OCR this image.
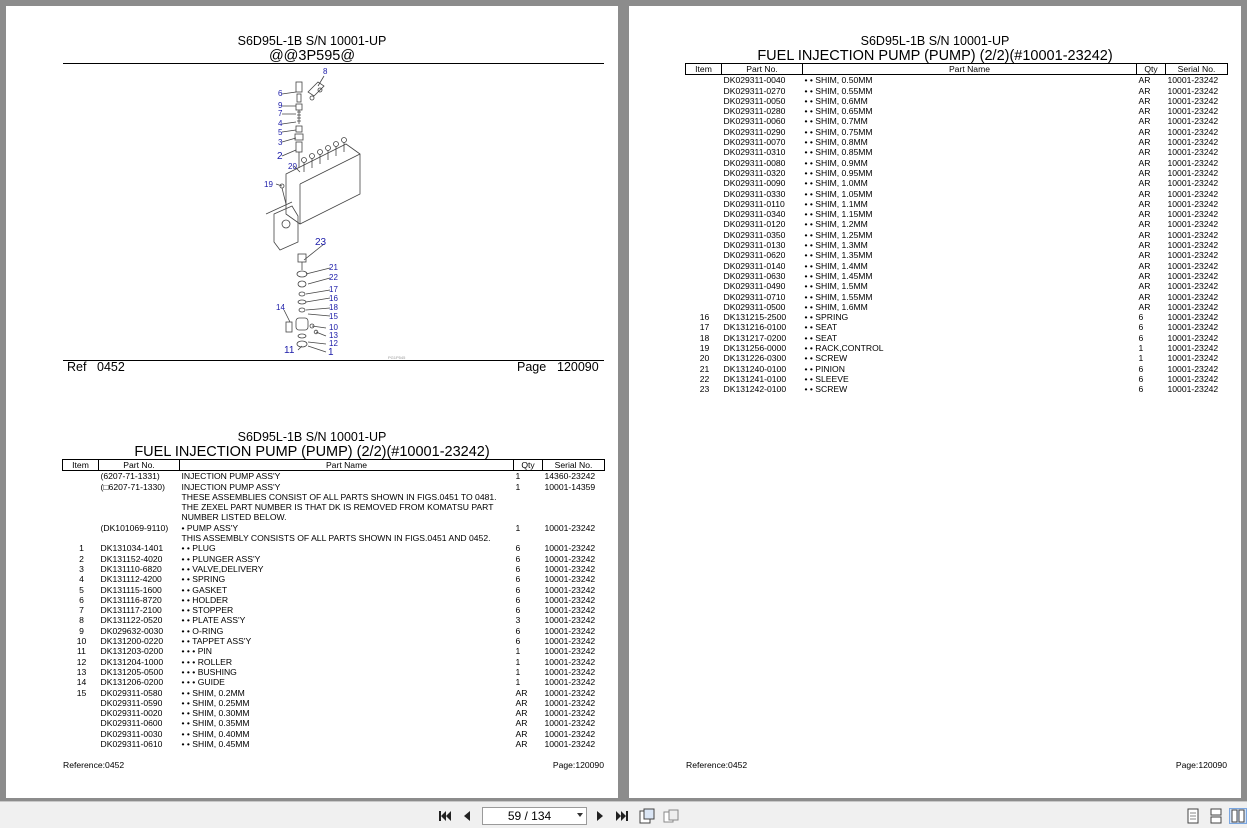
S6D95L-1B S/N 10001-UP
@@3P595@
8
6
9
7
4
5
3
2
20
19
23
21
22
17
16
18
15
14
10
13
12
11	1	PG1P545
Ref 0452	Page 120090
S6D95L-1B S/N 10001-UP
FUEL INJECTION PUMP (PUMP) (2/2)(#10001-23242)
Item	Part No.	Part Name	Qty	Serial No.
	(6207-71-1331)	INJECTION PUMP ASS'Y	1	14360-23242
	(□6207-71-1330)	INJECTION PUMP ASS'Y	1	10001-14359
		THESE ASSEMBLIES CONSIST OF ALL PARTS SHOWN IN FIGS.0451 TO 0481.		
		THE ZEXEL PART NUMBER IS THAT DK IS REMOVED FROM KOMATSU PART NUMBER LISTED BELOW.		
	(DK101069-9110)	• PUMP ASS'Y	1	10001-23242
		THIS ASSEMBLY CONSISTS OF ALL PARTS SHOWN IN FIGS.0451 AND 0452.		
1	DK131034-1401	• • PLUG	6	10001-23242
2	DK131152-4020	• • PLUNGER ASS'Y	6	10001-23242
3	DK131110-6820	• • VALVE,DELIVERY	6	10001-23242
4	DK131112-4200	• • SPRING	6	10001-23242
5	DK131115-1600	• • GASKET	6	10001-23242
6	DK131116-8720	• • HOLDER	6	10001-23242
7	DK131117-2100	• • STOPPER	6	10001-23242
8	DK131122-0520	• • PLATE ASS'Y	3	10001-23242
9	DK029632-0030	• • O-RING	6	10001-23242
10	DK131200-0220	• • TAPPET ASS'Y	6	10001-23242
11	DK131203-0200	• • • PIN	1	10001-23242
12	DK131204-1000	• • • ROLLER	1	10001-23242
13	DK131205-0500	• • • BUSHING	1	10001-23242
14	DK131206-0200	• • • GUIDE	1	10001-23242
15	DK029311-0580	• • SHIM, 0.2MM	AR	10001-23242
	DK029311-0590	• • SHIM, 0.25MM	AR	10001-23242
	DK029311-0020	• • SHIM, 0.30MM	AR	10001-23242
	DK029311-0600	• • SHIM, 0.35MM	AR	10001-23242
	DK029311-0030	• • SHIM, 0.40MM	AR	10001-23242
	DK029311-0610	• • SHIM, 0.45MM	AR	10001-23242
Reference:0452	Page:120090
S6D95L-1B S/N 10001-UP
FUEL INJECTION PUMP (PUMP) (2/2)(#10001-23242)
Item	Part No.	Part Name	Qty	Serial No.
	DK029311-0040	• • SHIM, 0.50MM	AR	10001-23242
	DK029311-0270	• • SHIM, 0.55MM	AR	10001-23242
	DK029311-0050	• • SHIM, 0.6MM	AR	10001-23242
	DK029311-0280	• • SHIM, 0.65MM	AR	10001-23242
	DK029311-0060	• • SHIM, 0.7MM	AR	10001-23242
	DK029311-0290	• • SHIM, 0.75MM	AR	10001-23242
	DK029311-0070	• • SHIM, 0.8MM	AR	10001-23242
	DK029311-0310	• • SHIM, 0.85MM	AR	10001-23242
	DK029311-0080	• • SHIM, 0.9MM	AR	10001-23242
	DK029311-0320	• • SHIM, 0.95MM	AR	10001-23242
	DK029311-0090	• • SHIM, 1.0MM	AR	10001-23242
	DK029311-0330	• • SHIM, 1.05MM	AR	10001-23242
	DK029311-0110	• • SHIM, 1.1MM	AR	10001-23242
	DK029311-0340	• • SHIM, 1.15MM	AR	10001-23242
	DK029311-0120	• • SHIM, 1.2MM	AR	10001-23242
	DK029311-0350	• • SHIM, 1.25MM	AR	10001-23242
	DK029311-0130	• • SHIM, 1.3MM	AR	10001-23242
	DK029311-0620	• • SHIM, 1.35MM	AR	10001-23242
	DK029311-0140	• • SHIM, 1.4MM	AR	10001-23242
	DK029311-0630	• • SHIM, 1.45MM	AR	10001-23242
	DK029311-0490	• • SHIM, 1.5MM	AR	10001-23242
	DK029311-0710	• • SHIM, 1.55MM	AR	10001-23242
	DK029311-0500	• • SHIM, 1.6MM	AR	10001-23242
16	DK131215-2500	• • SPRING	6	10001-23242
17	DK131216-0100	• • SEAT	6	10001-23242
18	DK131217-0200	• • SEAT	6	10001-23242
19	DK131256-0000	• • RACK,CONTROL	1	10001-23242
20	DK131226-0300	• • SCREW	1	10001-23242
21	DK131240-0100	• • PINION	6	10001-23242
22	DK131241-0100	• • SLEEVE	6	10001-23242
23	DK131242-0100	• • SCREW	6	10001-23242
Reference:0452	Page:120090
59 / 134
